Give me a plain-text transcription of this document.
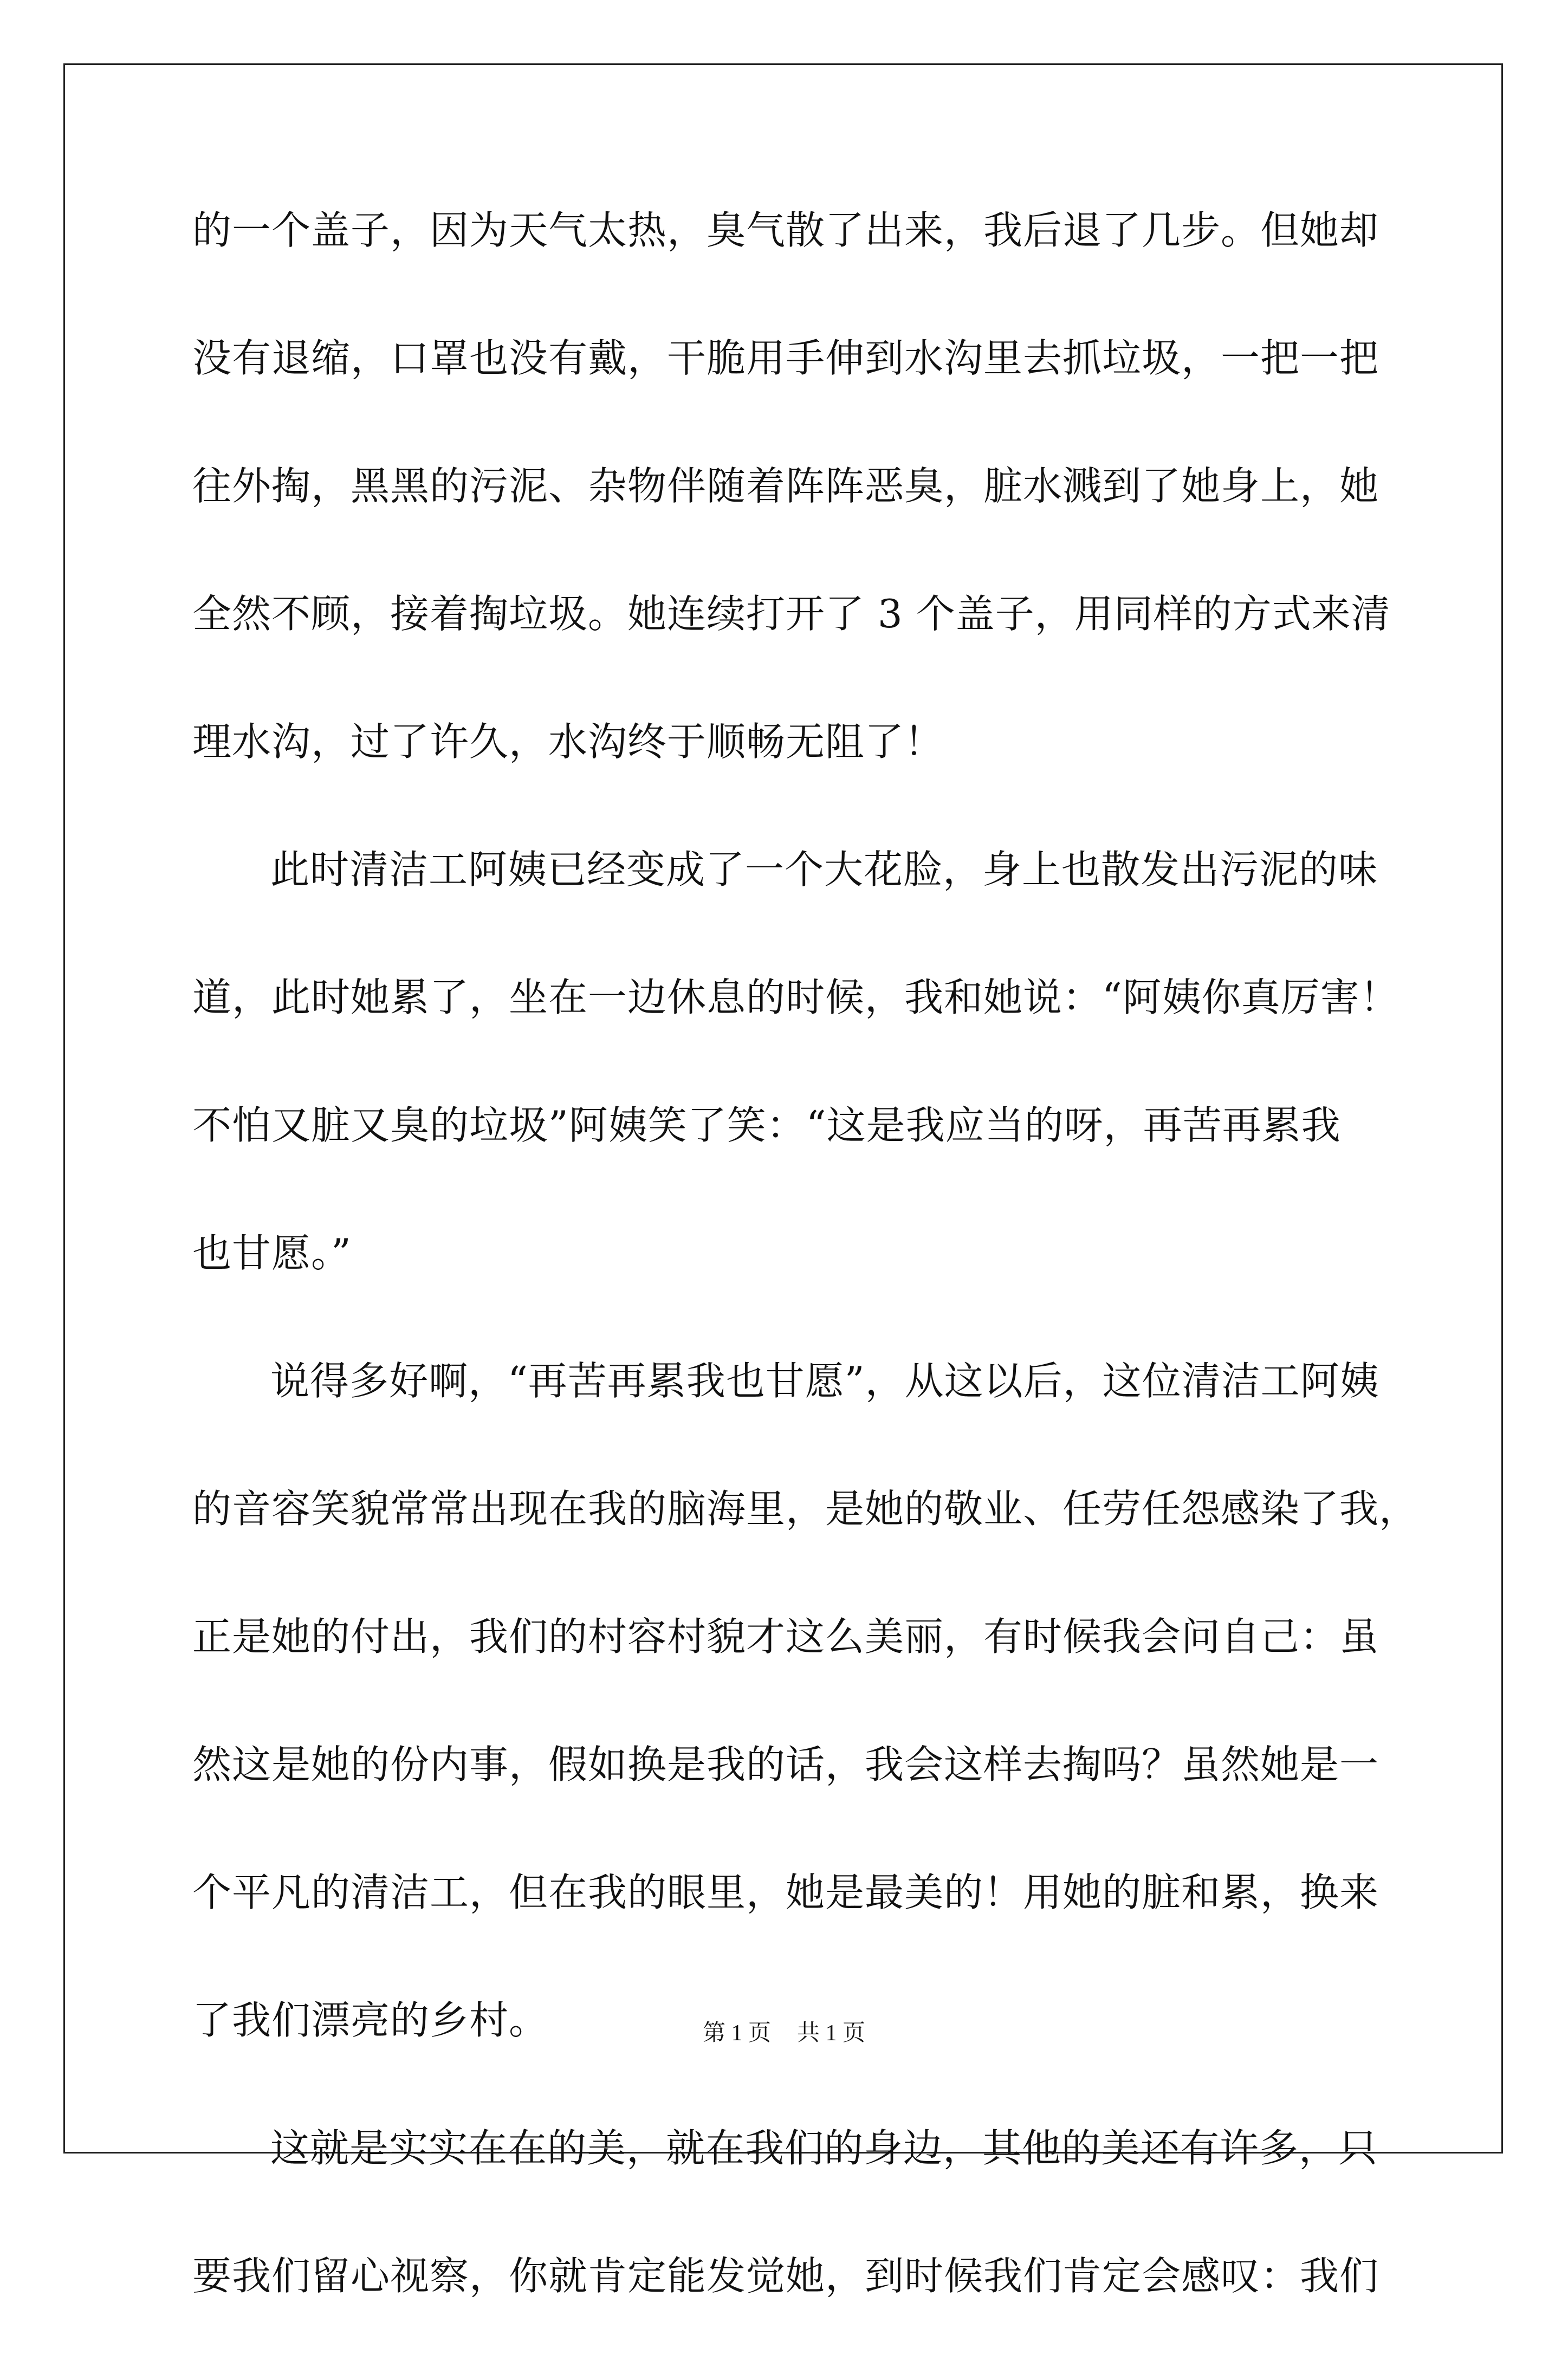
的一个盖子，因为天气太热，臭气散了出来，我后退了几步。但她却
没有退缩，口罩也没有戴，干脆用手伸到水沟里去抓垃圾，一把一把
往外掏，黑黑的污泥、杂物伴随着阵阵恶臭，脏水溅到了她身上，她
全然不顾，接着掏垃圾。她连续打开了 3 个盖子，用同样的方式来清
理水沟，过了许久，水沟终于顺畅无阻了！
此时清洁工阿姨已经变成了一个大花脸，身上也散发出污泥的味
道，此时她累了，坐在一边休息的时候，我和她说：“阿姨你真厉害！
不怕又脏又臭的垃圾”阿姨笑了笑：“这是我应当的呀，再苦再累我
也甘愿。”
说得多好啊，“再苦再累我也甘愿”，从这以后，这位清洁工阿姨
的音容笑貌常常出现在我的脑海里，是她的敬业、任劳任怨感染了我，
正是她的付出，我们的村容村貌才这么美丽，有时候我会问自己：虽
然这是她的份内事，假如换是我的话，我会这样去掏吗？虽然她是一
个平凡的清洁工，但在我的眼里，她是最美的！用她的脏和累，换来
了我们漂亮的乡村。
这就是实实在在的美，就在我们的身边，其他的美还有许多，只
要我们留心视察，你就肯定能发觉她，到时候我们肯定会感叹：我们
第 1 页 共 1 页
